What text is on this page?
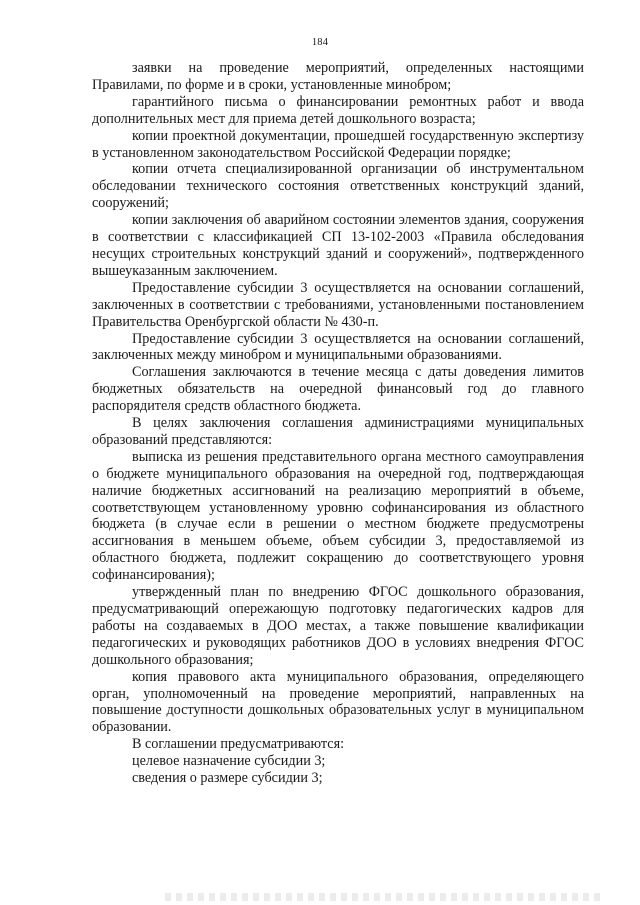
184

заявки на проведение мероприятий, определенных настоящими Правилами, по форме и в сроки, установленные минобром;

гарантийного письма о финансировании ремонтных работ и ввода дополнительных мест для приема детей дошкольного возраста;

копии проектной документации, прошедшей государственную экспертизу в установленном законодательством Российской Федерации порядке;

копии отчета специализированной организации об инструментальном обследовании технического состояния ответственных конструкций зданий, сооружений;

копии заключения об аварийном состоянии элементов здания, сооружения в соответствии с классификацией СП 13-102-2003 «Правила обследования несущих строительных конструкций зданий и сооружений», подтвержденного вышеуказанным заключением.

Предоставление субсидии 3 осуществляется на основании соглашений, заключенных в соответствии с требованиями, установленными постановлением Правительства Оренбургской области № 430-п.

Предоставление субсидии 3 осуществляется на основании соглашений, заключенных между минобром и муниципальными образованиями.

Соглашения заключаются в течение месяца с даты доведения лимитов бюджетных обязательств на очередной финансовый год до главного распорядителя средств областного бюджета.

В целях заключения соглашения администрациями муниципальных образований представляются:

выписка из решения представительного органа местного самоуправления о бюджете муниципального образования на очередной год, подтверждающая наличие бюджетных ассигнований на реализацию мероприятий в объеме, соответствующем установленному уровню софинансирования из областного бюджета (в случае если в решении о местном бюджете предусмотрены ассигнования в меньшем объеме, объем субсидии 3, предоставляемой из областного бюджета, подлежит сокращению до соответствующего уровня софинансирования);

утвержденный план по внедрению ФГОС дошкольного образования, предусматривающий опережающую подготовку педагогических кадров для работы на создаваемых в ДОО местах, а также повышение квалификации педагогических и руководящих работников ДОО в условиях внедрения ФГОС дошкольного образования;

копия правового акта муниципального образования, определяющего орган, уполномоченный на проведение мероприятий, направленных на повышение доступности дошкольных образовательных услуг в муниципальном образовании.

В соглашении предусматриваются:

целевое назначение субсидии 3;

сведения о размере субсидии 3;
